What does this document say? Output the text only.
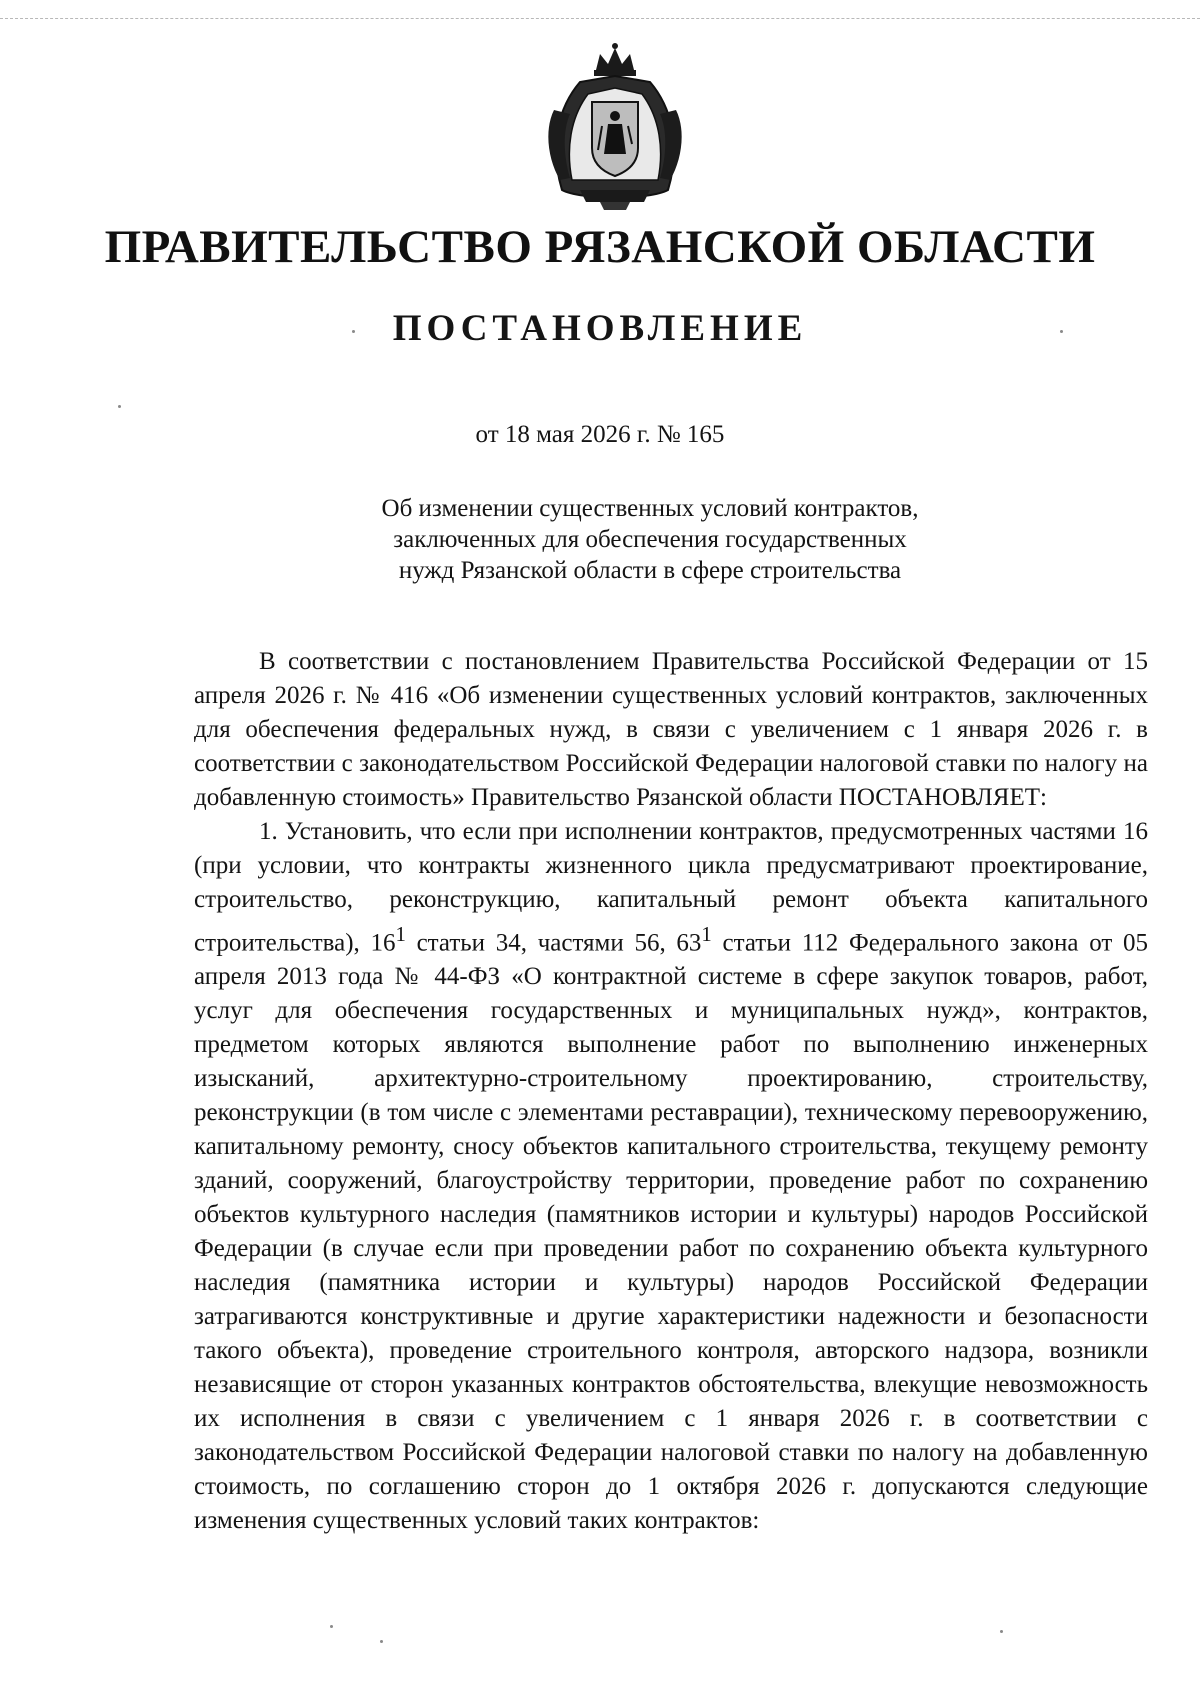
ПРАВИТЕЛЬСТВО РЯЗАНСКОЙ ОБЛАСТИ
ПОСТАНОВЛЕНИЕ
от 18 мая 2026 г. № 165
Об изменении существенных условий контрактов,
заключенных для обеспечения государственных
нужд Рязанской области в сфере строительства

В соответствии с постановлением Правительства Российской Федерации от 15 апреля 2026 г. № 416 «Об изменении существенных условий контрактов, заключенных для обеспечения федеральных нужд, в связи с увеличением с 1 января 2026 г. в соответствии с законодательством Российской Федерации налоговой ставки по налогу на добавленную стоимость» Правительство Рязанской области ПОСТАНОВЛЯЕТ:

1. Установить, что если при исполнении контрактов, предусмотренных частями 16 (при условии, что контракты жизненного цикла предусматривают проектирование, строительство, реконструкцию, капитальный ремонт объекта капитального строительства), $16^1$ статьи 34, частями 56, $63^1$ статьи 112 Федерального закона от 05 апреля 2013 года № 44-ФЗ «О контрактной системе в сфере закупок товаров, работ, услуг для обеспечения государственных и муниципальных нужд», контрактов, предметом которых являются выполнение работ по выполнению инженерных изысканий, архитектурно-строительному проектированию, строительству, реконструкции (в том числе с элементами реставрации), техническому перевооружению, капитальному ремонту, сносу объектов капитального строительства, текущему ремонту зданий, сооружений, благоустройству территории, проведение работ по сохранению объектов культурного наследия (памятников истории и культуры) народов Российской Федерации (в случае если при проведении работ по сохранению объекта культурного наследия (памятника истории и культуры) народов Российской Федерации затрагиваются конструктивные и другие характеристики надежности и безопасности такого объекта), проведение строительного контроля, авторского надзора, возникли независящие от сторон указанных контрактов обстоятельства, влекущие невозможность их исполнения в связи с увеличением с 1 января 2026 г. в соответствии с законодательством Российской Федерации налоговой ставки по налогу на добавленную стоимость, по соглашению сторон до 1 октября 2026 г. допускаются следующие изменения существенных условий таких контрактов:
